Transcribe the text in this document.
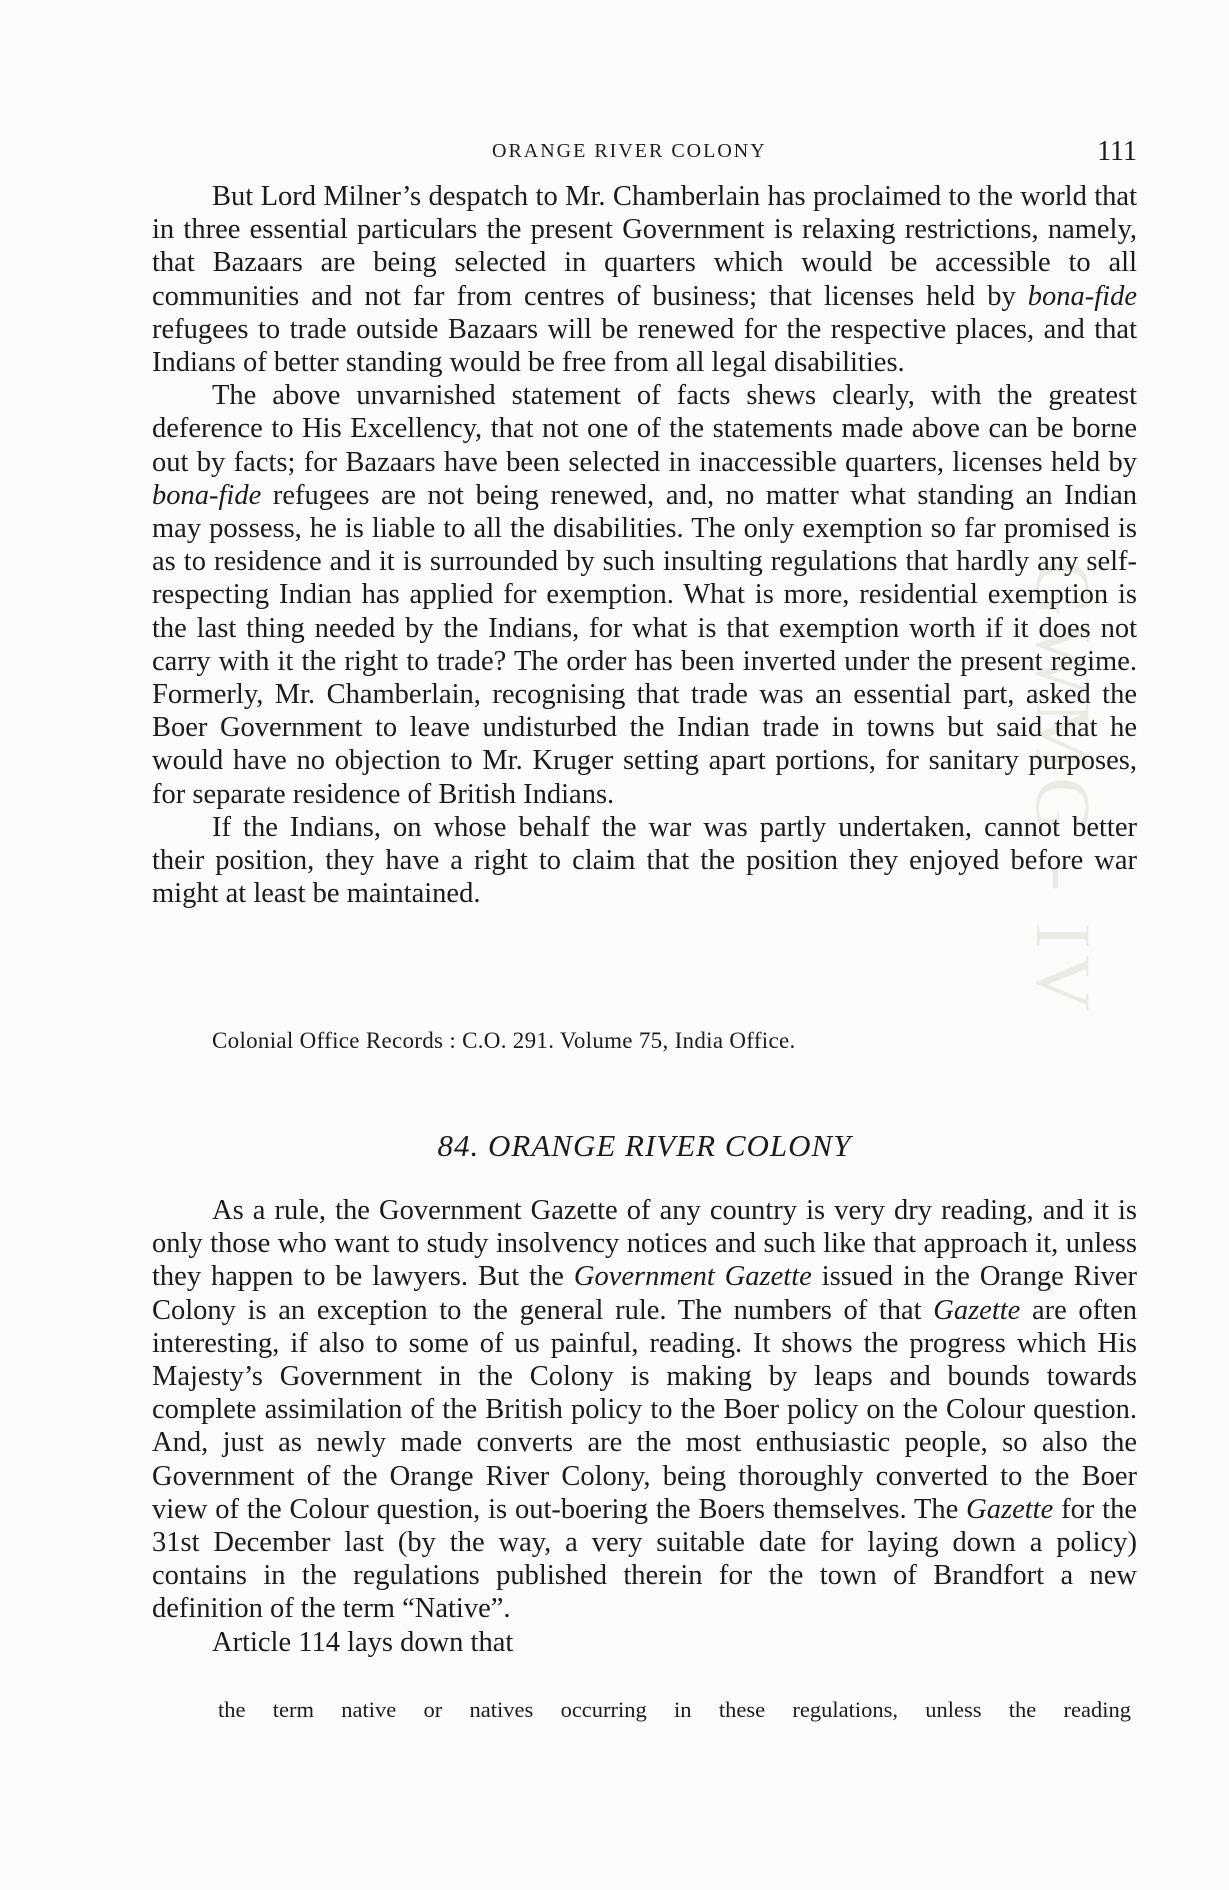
GWMG - IV
ORANGE RIVER COLONY	111

But Lord Milner’s despatch to Mr. Chamberlain has proclaimed to the world that in three essential particulars the present Government is relaxing restrictions, namely, that Bazaars are being selected in quarters which would be accessible to all communities and not far from centres of business; that licenses held by bona-fide refugees to trade outside Bazaars will be renewed for the respective places, and that Indians of better standing would be free from all legal disabilities.

The above unvarnished statement of facts shews clearly, with the greatest deference to His Excellency, that not one of the statements made above can be borne out by facts; for Bazaars have been selected in inaccessible quarters, licenses held by bona-fide refugees are not being renewed, and, no matter what standing an Indian may possess, he is liable to all the disabilities. The only exemption so far promised is as to residence and it is surrounded by such insulting regulations that hardly any self-respecting Indian has applied for exemption. What is more, residential exemption is the last thing needed by the Indians, for what is that exemption worth if it does not carry with it the right to trade? The order has been inverted under the present regime. Formerly, Mr. Chamberlain, recognising that trade was an essential part, asked the Boer Government to leave undisturbed the Indian trade in towns but said that he would have no objection to Mr. Kruger setting apart portions, for sanitary purposes, for separate residence of British Indians.

If the Indians, on whose behalf the war was partly undertaken, cannot better their position, they have a right to claim that the position they enjoyed before war might at least be maintained.

Colonial Office Records : C.O. 291. Volume 75, India Office.
84. ORANGE RIVER COLONY

As a rule, the Government Gazette of any country is very dry reading, and it is only those who want to study insolvency notices and such like that approach it, unless they happen to be lawyers. But the Government Gazette issued in the Orange River Colony is an exception to the general rule. The numbers of that Gazette are often interesting, if also to some of us painful, reading. It shows the progress which His Majesty’s Government in the Colony is making by leaps and bounds towards complete assimilation of the British policy to the Boer policy on the Colour question. And, just as newly made converts are the most enthusiastic people, so also the Government of the Orange River Colony, being thoroughly converted to the Boer view of the Colour question, is out-boering the Boers themselves. The Gazette for the 31st December last (by the way, a very suitable date for laying down a policy) contains in the regulations published therein for the town of Brandfort a new definition of the term “Native”.

Article 114 lays down that

the term native or natives occurring in these regulations, unless the reading
